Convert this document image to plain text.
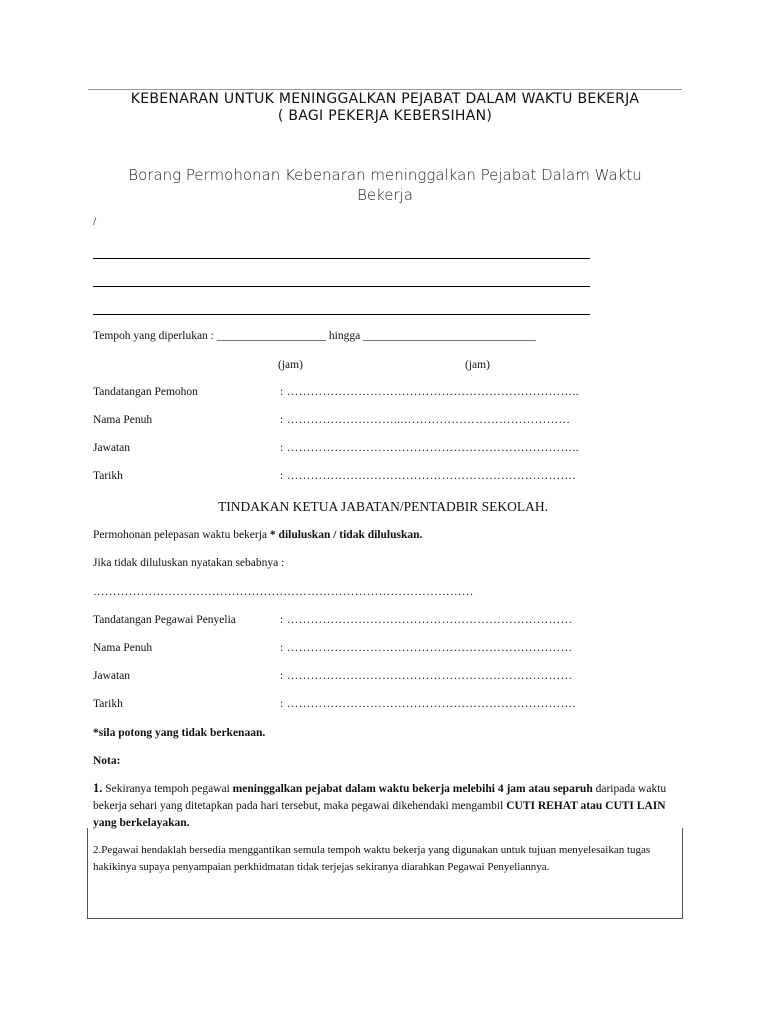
KEBENARAN UNTUK MENINGGALKAN PEJABAT DALAM WAKTU BEKERJA
( BAGI PEKERJA KEBERSIHAN)
Borang Permohonan Kebenaran meninggalkan Pejabat Dalam Waktu
Bekerja
/
Tempoh yang diperlukan : ___________________ hingga ______________________________
(jam)	(jam)
Tandatangan Pemohon	: ………………………………………………………………..
Nama Penuh	: ………………………...……………………………………
Jawatan	: ………………………………………………………………..
Tarikh	: ……………………………………………………………….
TINDAKAN KETUA JABATAN/PENTADBIR SEKOLAH.
Permohonan pelepasan waktu bekerja * diluluskan / tidak diluluskan.
Jika tidak diluluskan nyatakan sebabnya :
……………………………………………………………………………………
Tandatangan Pegawai Penyelia	: ………………………………………………………………
Nama Penuh	: ………………………………………………………………
Jawatan	: ………………………………………………………………
Tarikh	: ……………………………………………………………….
*sila potong yang tidak berkenaan.
Nota:
1. Sekiranya tempoh pegawai meninggalkan pejabat dalam waktu bekerja melebihi 4 jam atau separuh daripada waktu bekerja sehari yang ditetapkan pada hari tersebut, maka pegawai dikehendaki mengambil CUTI REHAT atau CUTI LAIN yang berkelayakan.
2.Pegawai hendaklah bersedia menggantikan semula tempoh waktu bekerja yang digunakan untuk tujuan menyelesaikan tugas hakikinya supaya penyampaian perkhidmatan tidak terjejas sekiranya diarahkan Pegawai Penyeliannya.
